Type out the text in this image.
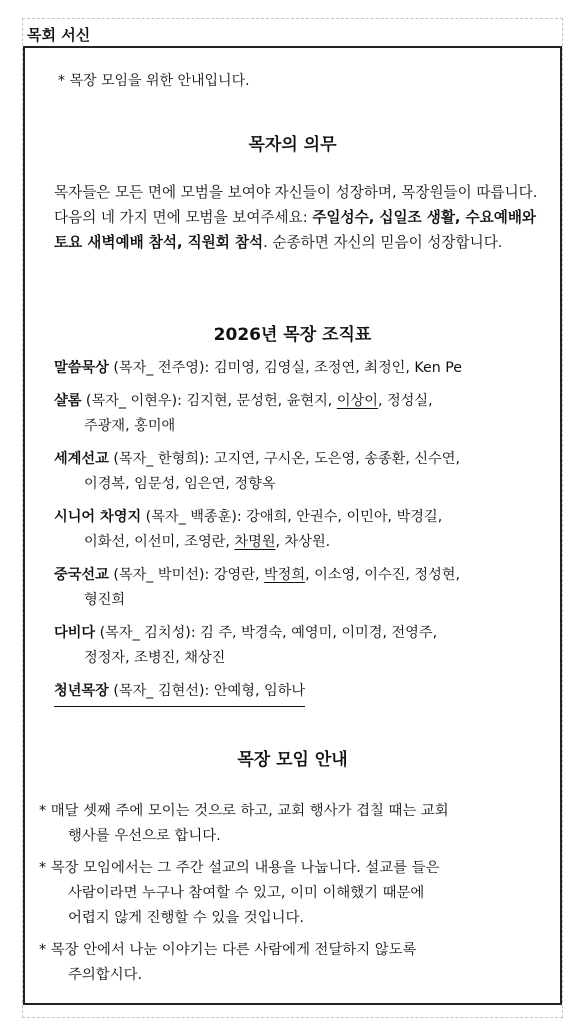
목회 서신
* 목장 모임을 위한 안내입니다.
목자의 의무
목자들은 모든 면에 모범을 보여야 자신들이 성장하며, 목장원들이 따릅니다. 다음의 네 가지 면에 모범을 보여주세요: 주일성수, 십일조 생활, 수요예배와 토요 새벽예배 참석, 직원회 참석. 순종하면 자신의 믿음이 성장합니다.
2026년 목장 조직표
말씀묵상 (목자_ 전주영): 김미영, 김영실, 조정연, 최정인, Ken Pe
샬롬 (목자_ 이현우): 김지현, 문성헌, 윤현지, 이상이, 정성실,
주광재, 홍미애
세계선교 (목자_ 한형희): 고지연, 구시온, 도은영, 송종환, 신수연,
이경복, 임문성, 임은연, 정향옥
시니어 차영지 (목자_ 백종훈): 강애희, 안권수, 이민아, 박경길,
이화선, 이선미, 조영란, 차명원, 차상원.
중국선교 (목자_ 박미선): 강영란, 박정희, 이소영, 이수진, 정성현,
형진희
다비다 (목자_ 김치성): 김 주, 박경숙, 예영미, 이미경, 전영주,
정정자, 조병진, 채상진
청년목장 (목자_ 김현선): 안예형, 임하나
목장 모임 안내
* 매달 셋째 주에 모이는 것으로 하고, 교회 행사가 겹칠 때는 교회
행사를 우선으로 합니다.
* 목장 모임에서는 그 주간 설교의 내용을 나눕니다. 설교를 들은
사람이라면 누구나 참여할 수 있고, 이미 이해했기 때문에
어렵지 않게 진행할 수 있을 것입니다.
* 목장 안에서 나눈 이야기는 다른 사람에게 전달하지 않도록
주의합시다.
